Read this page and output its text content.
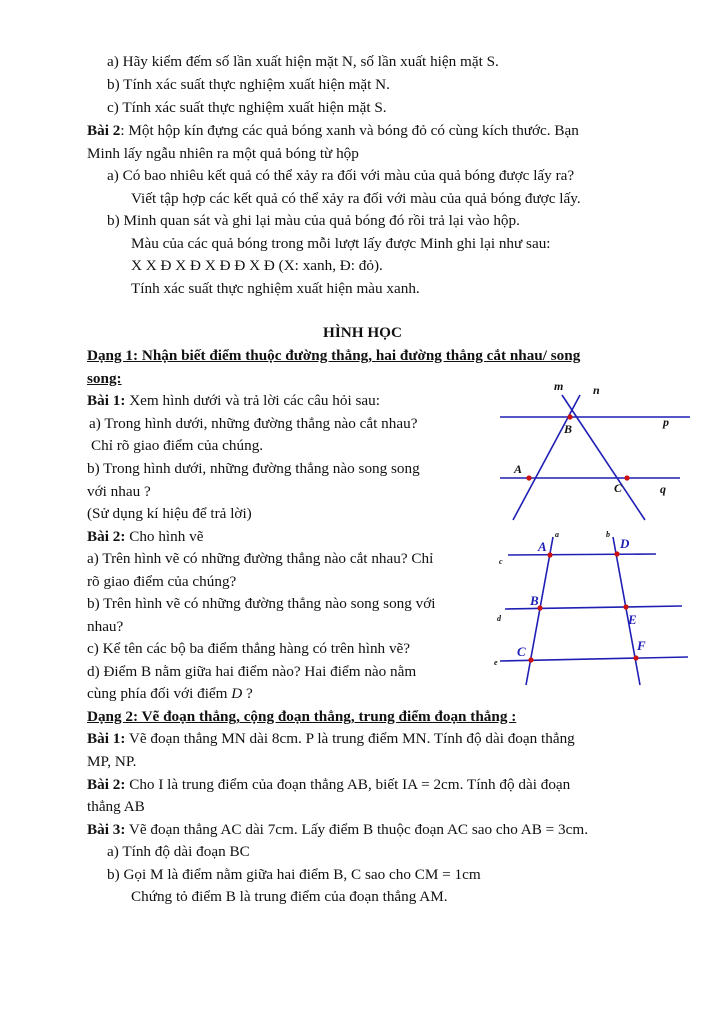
a) Hãy kiểm đếm số lần xuất hiện mặt N, số lần xuất hiện mặt S.
b) Tính xác suất thực nghiệm xuất hiện mặt N.
c) Tính xác suất thực nghiệm xuất hiện mặt S.
Bài 2: Một hộp kín đựng các quả bóng xanh và bóng đỏ có cùng kích thước. Bạn
Minh lấy ngẫu nhiên ra một quả bóng từ hộp
a) Có bao nhiêu kết quả có thể xảy ra đối với màu của quả bóng được lấy ra?
Viết tập hợp các kết quả có thể xảy ra đối với màu của quả bóng được lấy.
b) Minh quan sát và ghi lại màu của quả bóng đó rồi trả lại vào hộp.
Màu của các quả bóng trong mỗi lượt lấy được Minh ghi lại như sau:
X X Đ X Đ X Đ Đ X Đ (X: xanh, Đ: đỏ).
Tính xác suất thực nghiệm xuất hiện màu xanh.
HÌNH HỌC
Dạng 1: Nhận biết điểm thuộc đường thẳng, hai đường thẳng cắt nhau/ song
song:
Bài 1: Xem hình dưới và trả lời các câu hỏi sau:
a) Trong hình dưới, những đường thẳng nào cắt nhau?
Chỉ rõ giao điểm của chúng.
b) Trong hình dưới, những đường thẳng nào song song
với nhau ?
(Sử dụng kí hiệu để trả lời)
Bài 2: Cho hình vẽ
a) Trên hình vẽ có những đường thẳng nào cắt nhau? Chỉ
rõ giao điểm của chúng?
b) Trên hình vẽ có những đường thẳng nào song song với
nhau?
c) Kể tên các bộ ba điểm thẳng hàng có trên hình vẽ?
d) Điểm B nằm giữa hai điểm nào? Hai điểm nào nằm
cùng phía đối với điểm D ?
m n
p
q
B
A
C
a	b
c
d
e
A	D
B
E
C	F
Dạng 2: Vẽ đoạn thẳng, cộng đoạn thẳng, trung điểm đoạn thẳng :
Bài 1: Vẽ đoạn thẳng MN dài 8cm. P là trung điểm MN. Tính độ dài đoạn thẳng
MP, NP.
Bài 2: Cho I là trung điểm của đoạn thẳng AB, biết IA = 2cm. Tính độ dài đoạn
thẳng AB
Bài 3: Vẽ đoạn thẳng AC dài 7cm. Lấy điểm B thuộc đoạn AC sao cho AB = 3cm.
a) Tính độ dài đoạn BC
b) Gọi M là điểm nằm giữa hai điểm B, C sao cho CM = 1cm
Chứng tỏ điểm B là trung điểm của đoạn thẳng AM.
